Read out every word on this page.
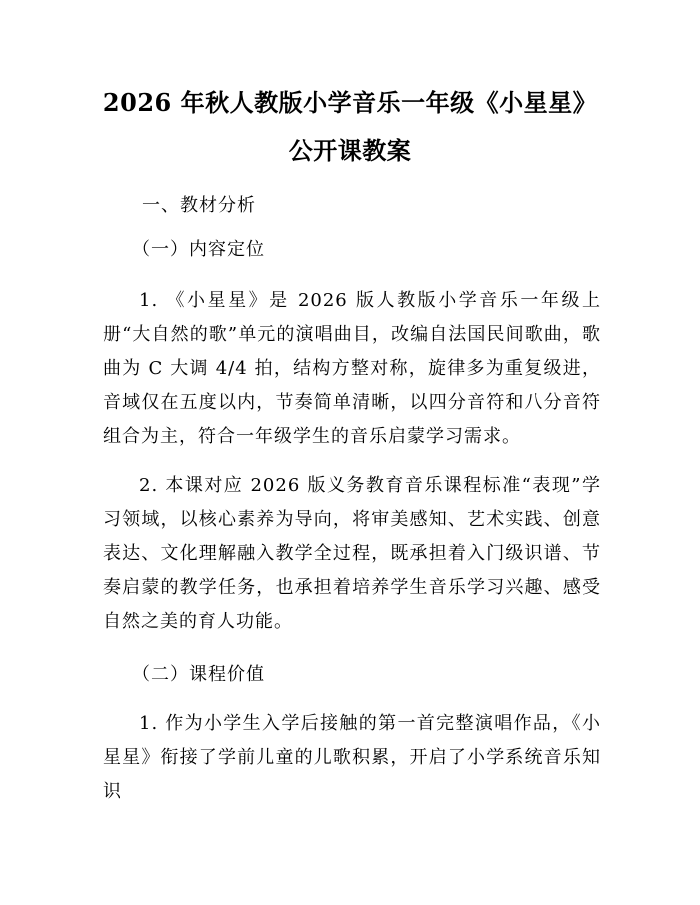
2026 年秋人教版小学音乐一年级《小星星》
公开课教案
一、教材分析
（一）内容定位

1. 《小星星》是 2026 版人教版小学音乐一年级上册“大自然的歌”单元的演唱曲目，改编自法国民间歌曲，歌曲为 C 大调 4/4 拍，结构方整对称，旋律多为重复级进，音域仅在五度以内，节奏简单清晰，以四分音符和八分音符组合为主，符合一年级学生的音乐启蒙学习需求。

2. 本课对应 2026 版义务教育音乐课程标准“表现”学习领域，以核心素养为导向，将审美感知、艺术实践、创意表达、文化理解融入教学全过程，既承担着入门级识谱、节奏启蒙的教学任务，也承担着培养学生音乐学习兴趣、感受自然之美的育人功能。

（二）课程价值

1. 作为小学生入学后接触的第一首完整演唱作品，《小星星》衔接了学前儿童的儿歌积累，开启了小学系统音乐知识
